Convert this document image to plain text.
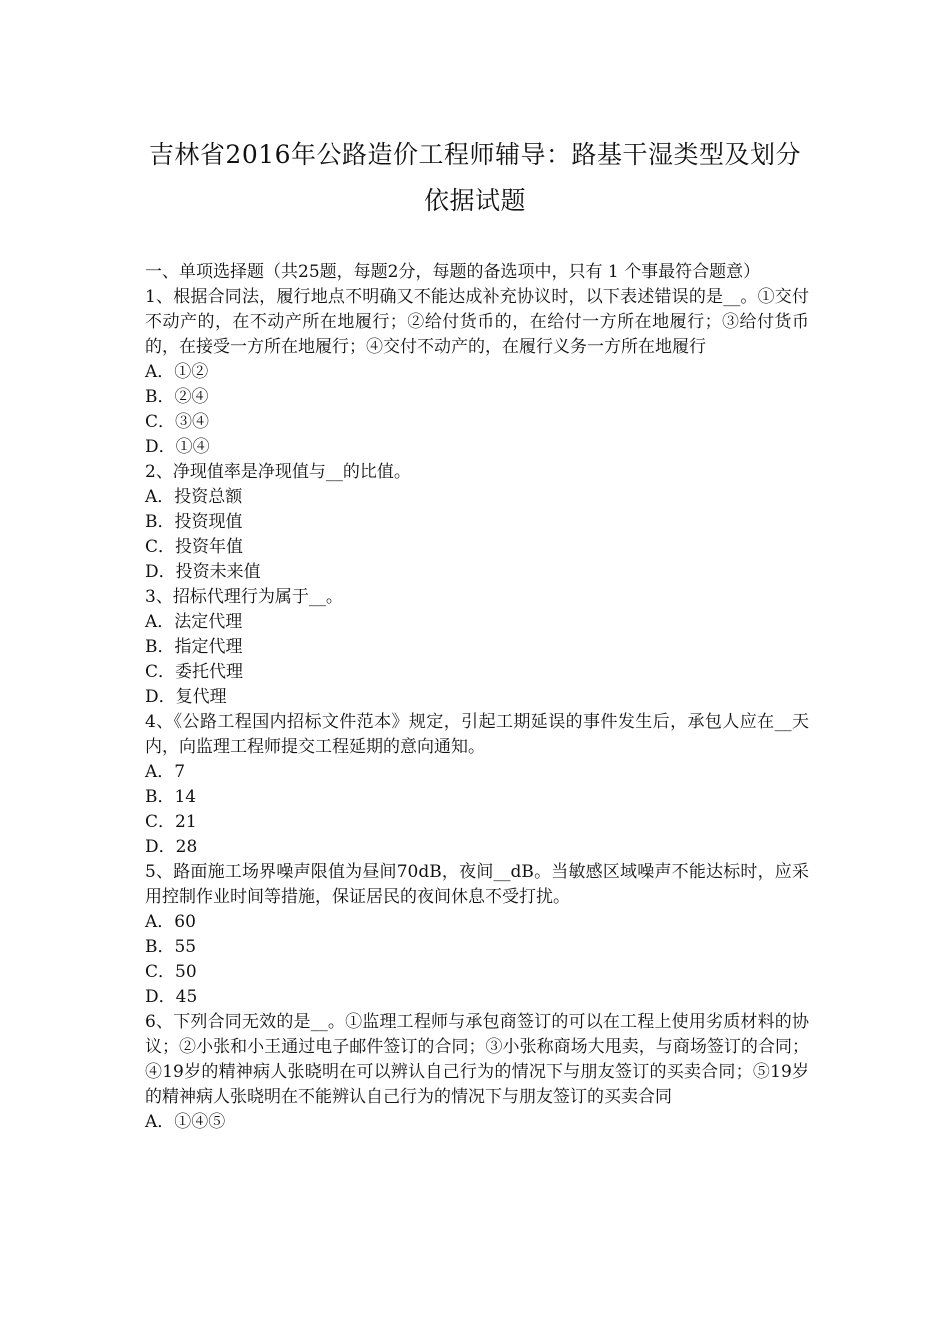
吉林省2016年公路造价工程师辅导：路基干湿类型及划分
依据试题

一、单项选择题（共25题，每题2分，每题的备选项中，只有 1 个事最符合题意）

1、根据合同法，履行地点不明确又不能达成补充协议时，以下表述错误的是__。①交付不动产的，在不动产所在地履行；②给付货币的，在给付一方所在地履行；③给付货币的，在接受一方所在地履行；④交付不动产的，在履行义务一方所在地履行

A．①②

B．②④

C．③④

D．①④

2、净现值率是净现值与__的比值。

A．投资总额

B．投资现值

C．投资年值

D．投资未来值

3、招标代理行为属于__。

A．法定代理

B．指定代理

C．委托代理

D．复代理

4、《公路工程国内招标文件范本》规定，引起工期延误的事件发生后，承包人应在__天内，向监理工程师提交工程延期的意向通知。

A．7

B．14

C．21

D．28

5、路面施工场界噪声限值为昼间70dB，夜间__dB。当敏感区域噪声不能达标时，应采用控制作业时间等措施，保证居民的夜间休息不受打扰。

A．60

B．55

C．50

D．45

6、下列合同无效的是__。①监理工程师与承包商签订的可以在工程上使用劣质材料的协议；②小张和小王通过电子邮件签订的合同；③小张称商场大甩卖，与商场签订的合同；④19岁的精神病人张晓明在可以辨认自己行为的情况下与朋友签订的买卖合同；⑤19岁的精神病人张晓明在不能辨认自己行为的情况下与朋友签订的买卖合同

A．①④⑤
